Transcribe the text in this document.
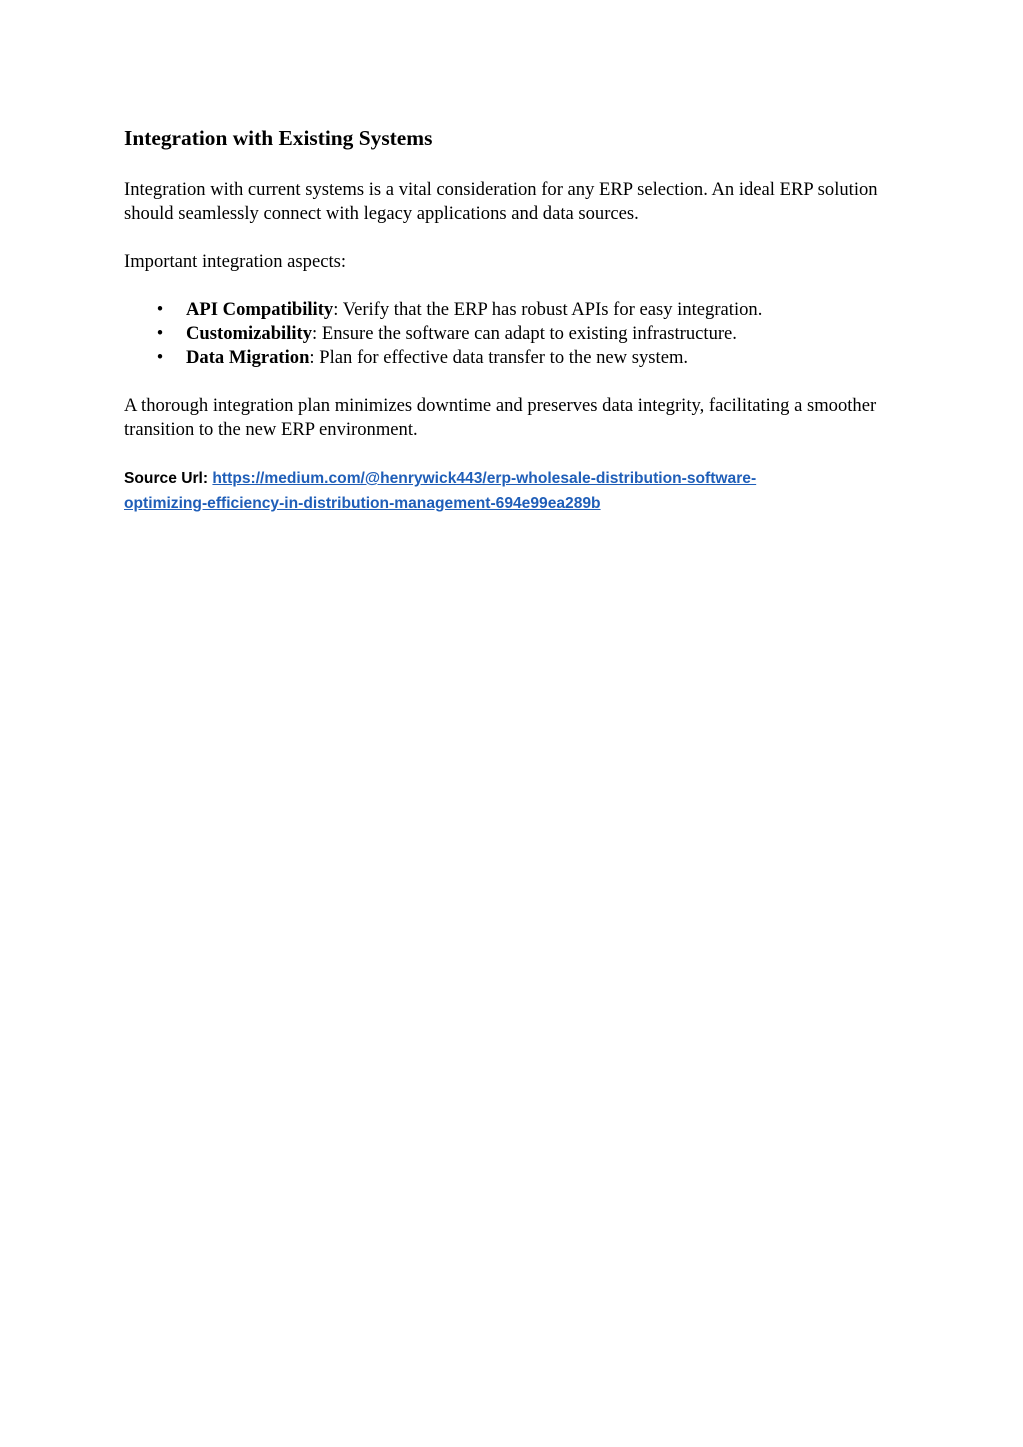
Integration with Existing Systems

Integration with current systems is a vital consideration for any ERP selection. An ideal ERP solution should seamlessly connect with legacy applications and data sources.

Important integration aspects:

•	API Compatibility: Verify that the ERP has robust APIs for easy integration.
•	Customizability: Ensure the software can adapt to existing infrastructure.
•	Data Migration: Plan for effective data transfer to the new system.

A thorough integration plan minimizes downtime and preserves data integrity, facilitating a smoother transition to the new ERP environment.

Source Url: https://medium.com/@henrywick443/erp-wholesale-distribution-software-
optimizing-efficiency-in-distribution-management-694e99ea289b
